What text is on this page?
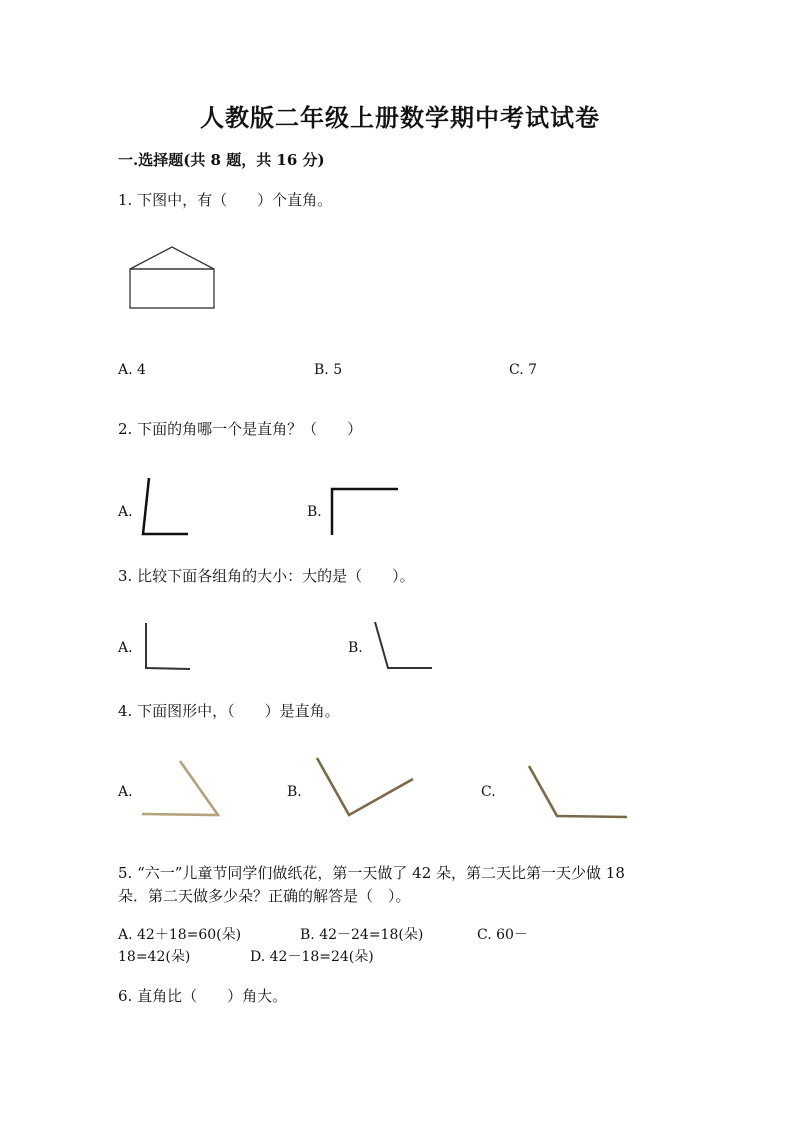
人教版二年级上册数学期中考试试卷
一.选择题(共 8 题，共 16 分)
1. 下图中，有（　　）个直角。
A. 4	B. 5	C. 7
2. 下面的角哪一个是直角？（　　）
A.	B.
3. 比较下面各组角的大小：大的是（　　）。
A.	B.
4. 下面图形中，（　　）是直角。
A.	B.	C.
5. “六一”儿童节同学们做纸花，第一天做了 42 朵，第二天比第一天少做 18
朵．第二天做多少朵？正确的解答是（　）。
A. 42＋18=60(朵)	B. 42－24=18(朵)	C. 60－
18=42(朵)	D. 42－18=24(朵)
6. 直角比（　　）角大。
